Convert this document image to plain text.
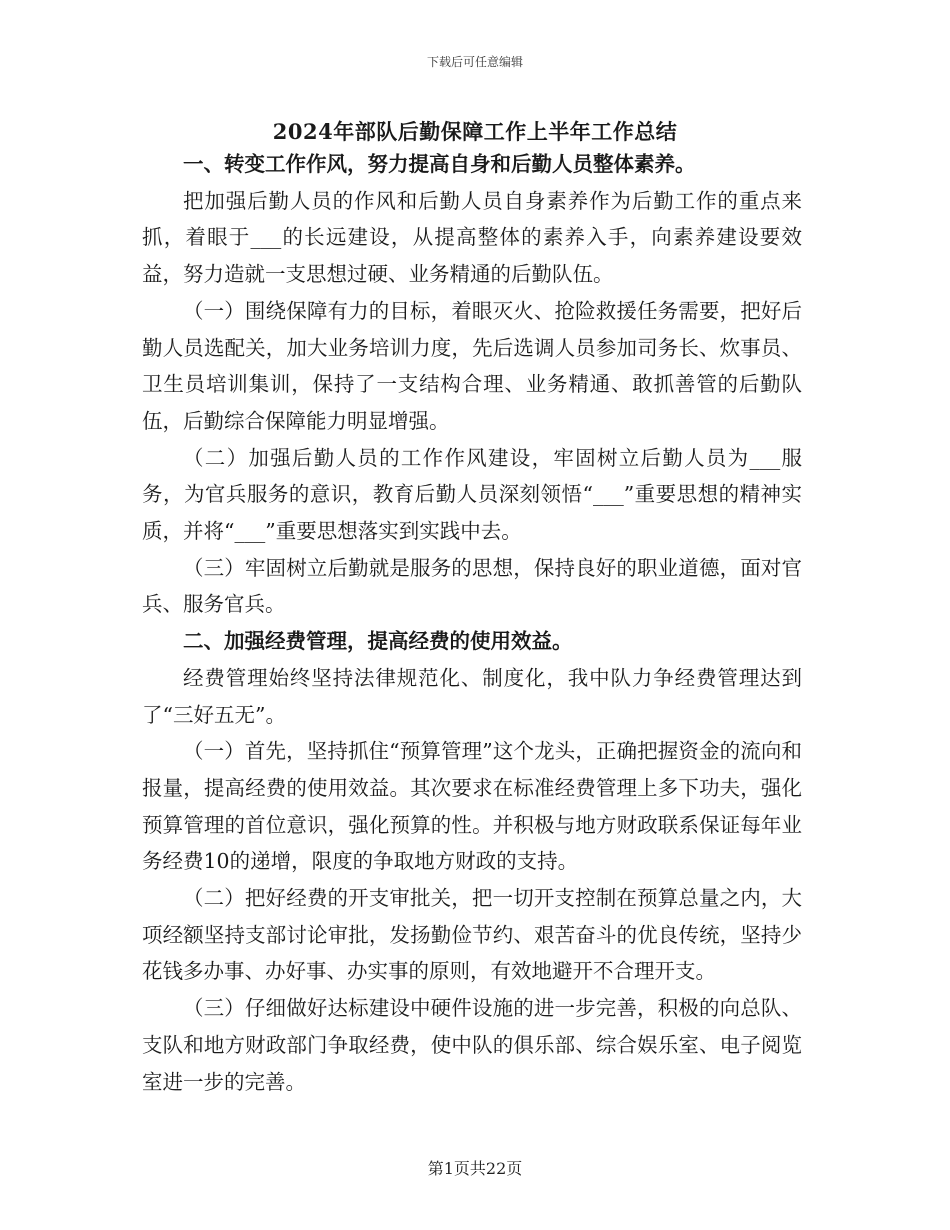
下载后可任意编辑
2024年部队后勤保障工作上半年工作总结

一、转变工作作风，努力提高自身和后勤人员整体素养。

把加强后勤人员的作风和后勤人员自身素养作为后勤工作的重点来抓，着眼于___的长远建设，从提高整体的素养入手，向素养建设要效益，努力造就一支思想过硬、业务精通的后勤队伍。

（一）围绕保障有力的目标，着眼灭火、抢险救援任务需要，把好后勤人员选配关，加大业务培训力度，先后选调人员参加司务长、炊事员、卫生员培训集训，保持了一支结构合理、业务精通、敢抓善管的后勤队伍，后勤综合保障能力明显增强。

（二）加强后勤人员的工作作风建设，牢固树立后勤人员为___服务，为官兵服务的意识，教育后勤人员深刻领悟“___”重要思想的精神实质，并将“___”重要思想落实到实践中去。

（三）牢固树立后勤就是服务的思想，保持良好的职业道德，面对官兵、服务官兵。

二、加强经费管理，提高经费的使用效益。

经费管理始终坚持法律规范化、制度化，我中队力争经费管理达到了“三好五无”。

（一）首先，坚持抓住“预算管理”这个龙头，正确把握资金的流向和报量，提高经费的使用效益。其次要求在标准经费管理上多下功夫，强化预算管理的首位意识，强化预算的性。并积极与地方财政联系保证每年业务经费10的递增，限度的争取地方财政的支持。

（二）把好经费的开支审批关，把一切开支控制在预算总量之内，大项经额坚持支部讨论审批，发扬勤俭节约、艰苦奋斗的优良传统，坚持少花钱多办事、办好事、办实事的原则，有效地避开不合理开支。

（三）仔细做好达标建设中硬件设施的进一步完善，积极的向总队、支队和地方财政部门争取经费，使中队的俱乐部、综合娱乐室、电子阅览室进一步的完善。

第1页共22页
